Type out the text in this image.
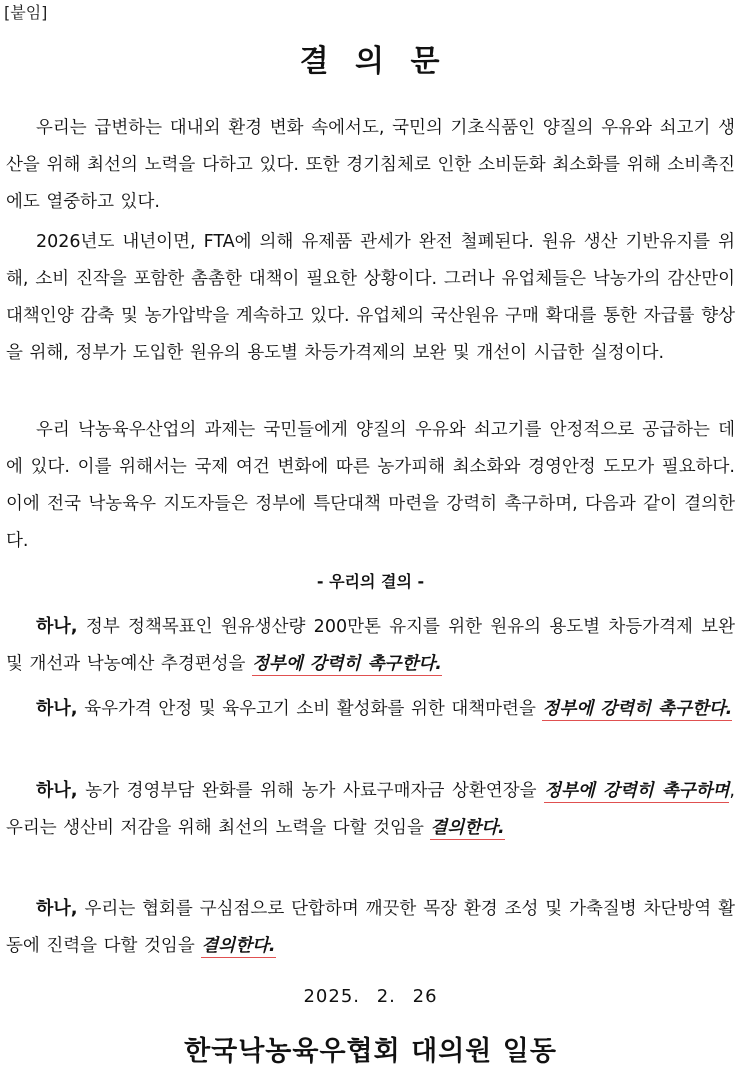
[붙임]
결 의 문

우리는 급변하는 대내외 환경 변화 속에서도, 국민의 기초식품인 양질의 우유와 쇠고기 생산을 위해 최선의 노력을 다하고 있다. 또한 경기침체로 인한 소비둔화 최소화를 위해 소비촉진에도 열중하고 있다.

2026년도 내년이면, FTA에 의해 유제품 관세가 완전 철폐된다. 원유 생산 기반유지를 위해, 소비 진작을 포함한 촘촘한 대책이 필요한 상황이다. 그러나 유업체들은 낙농가의 감산만이 대책인양 감축 및 농가압박을 계속하고 있다. 유업체의 국산원유 구매 확대를 통한 자급률 향상을 위해, 정부가 도입한 원유의 용도별 차등가격제의 보완 및 개선이 시급한 실정이다.

우리 낙농육우산업의 과제는 국민들에게 양질의 우유와 쇠고기를 안정적으로 공급하는 데에 있다. 이를 위해서는 국제 여건 변화에 따른 농가피해 최소화와 경영안정 도모가 필요하다. 이에 전국 낙농육우 지도자들은 정부에 특단대책 마련을 강력히 촉구하며, 다음과 같이 결의한다.

하나, 정부 정책목표인 원유생산량 200만톤 유지를 위한 원유의 용도별 차등가격제 보완 및 개선과 낙농예산 추경편성을 정부에 강력히 촉구한다.

하나, 육우가격 안정 및 육우고기 소비 활성화를 위한 대책마련을 정부에 강력히 촉구한다.

하나, 농가 경영부담 완화를 위해 농가 사료구매자금 상환연장을 정부에 강력히 촉구하며, 우리는 생산비 저감을 위해 최선의 노력을 다할 것임을 결의한다.

하나, 우리는 협회를 구심점으로 단합하며 깨끗한 목장 환경 조성 및 가축질병 차단방역 활동에 진력을 다할 것임을 결의한다.

- 우리의 결의 -
2025. 2. 26
한국낙농육우협회 대의원 일동
